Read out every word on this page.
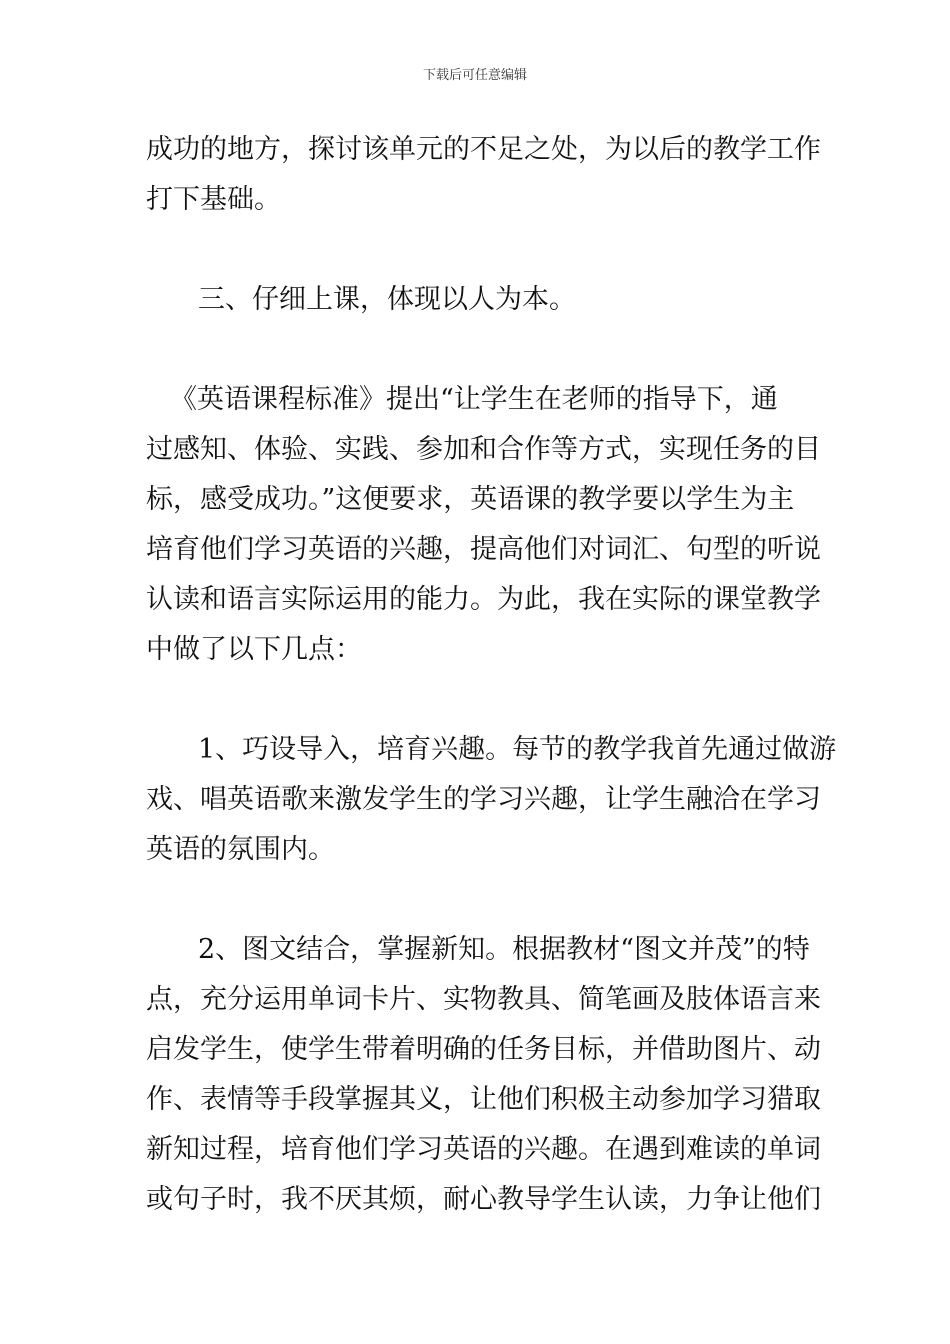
下载后可任意编辑
成功的地方，探讨该单元的不足之处，为以后的教学工作
打下基础。
三、仔细上课，体现以人为本。
《英语课程标准》提出“让学生在老师的指导下，通
过感知、体验、实践、参加和合作等方式，实现任务的目
标，感受成功。”这便要求，英语课的教学要以学生为主
培育他们学习英语的兴趣，提高他们对词汇、句型的听说
认读和语言实际运用的能力。为此，我在实际的课堂教学
中做了以下几点：
1、巧设导入，培育兴趣。每节的教学我首先通过做游
戏、唱英语歌来激发学生的学习兴趣，让学生融洽在学习
英语的氛围内。
2、图文结合，掌握新知。根据教材“图文并茂”的特
点，充分运用单词卡片、实物教具、简笔画及肢体语言来
启发学生，使学生带着明确的任务目标，并借助图片、动
作、表情等手段掌握其义，让他们积极主动参加学习猎取
新知过程，培育他们学习英语的兴趣。在遇到难读的单词
或句子时，我不厌其烦，耐心教导学生认读，力争让他们
